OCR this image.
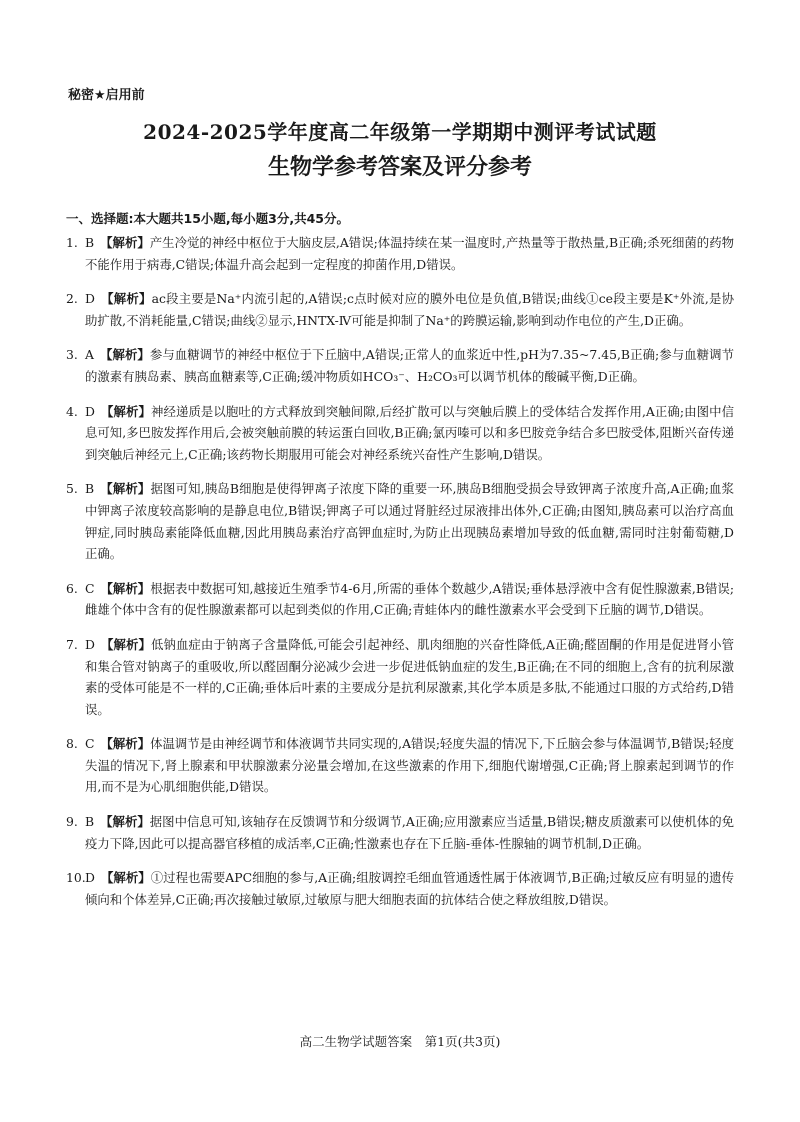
秘密★启用前
2024-2025学年度高二年级第一学期期中测评考试试题
生物学参考答案及评分参考
一、选择题:本大题共15小题,每小题3分,共45分。
1. B 【解析】产生冷觉的神经中枢位于大脑皮层,A错误;体温持续在某一温度时,产热量等于散热量,B正确;杀死细菌的药物不能作用于病毒,C错误;体温升高会起到一定程度的抑菌作用,D错误。
2. D 【解析】ac段主要是Na⁺内流引起的,A错误;c点时候对应的膜外电位是负值,B错误;曲线①ce段主要是K⁺外流,是协助扩散,不消耗能量,C错误;曲线②显示,HNTX-Ⅳ可能是抑制了Na⁺的跨膜运输,影响到动作电位的产生,D正确。
3. A 【解析】参与血糖调节的神经中枢位于下丘脑中,A错误;正常人的血浆近中性,pH为7.35~7.45,B正确;参与血糖调节的激素有胰岛素、胰高血糖素等,C正确;缓冲物质如HCO₃⁻、H₂CO₃可以调节机体的酸碱平衡,D正确。
4. D 【解析】神经递质是以胞吐的方式释放到突触间隙,后经扩散可以与突触后膜上的受体结合发挥作用,A正确;由图中信息可知,多巴胺发挥作用后,会被突触前膜的转运蛋白回收,B正确;氯丙嗪可以和多巴胺竞争结合多巴胺受体,阻断兴奋传递到突触后神经元上,C正确;该药物长期服用可能会对神经系统兴奋性产生影响,D错误。
5. B 【解析】据图可知,胰岛B细胞是使得钾离子浓度下降的重要一环,胰岛B细胞受损会导致钾离子浓度升高,A正确;血浆中钾离子浓度较高影响的是静息电位,B错误;钾离子可以通过肾脏经过尿液排出体外,C正确;由图知,胰岛素可以治疗高血钾症,同时胰岛素能降低血糖,因此用胰岛素治疗高钾血症时,为防止出现胰岛素增加导致的低血糖,需同时注射葡萄糖,D正确。
6. C 【解析】根据表中数据可知,越接近生殖季节4-6月,所需的垂体个数越少,A错误;垂体悬浮液中含有促性腺激素,B错误;雌雄个体中含有的促性腺激素都可以起到类似的作用,C正确;青蛙体内的雌性激素水平会受到下丘脑的调节,D错误。
7. D 【解析】低钠血症由于钠离子含量降低,可能会引起神经、肌肉细胞的兴奋性降低,A正确;醛固酮的作用是促进肾小管和集合管对钠离子的重吸收,所以醛固酮分泌减少会进一步促进低钠血症的发生,B正确;在不同的细胞上,含有的抗利尿激素的受体可能是不一样的,C正确;垂体后叶素的主要成分是抗利尿激素,其化学本质是多肽,不能通过口服的方式给药,D错误。
8. C 【解析】体温调节是由神经调节和体液调节共同实现的,A错误;轻度失温的情况下,下丘脑会参与体温调节,B错误;轻度失温的情况下,肾上腺素和甲状腺激素分泌量会增加,在这些激素的作用下,细胞代谢增强,C正确;肾上腺素起到调节的作用,而不是为心肌细胞供能,D错误。
9. B 【解析】据图中信息可知,该轴存在反馈调节和分级调节,A正确;应用激素应当适量,B错误;糖皮质激素可以使机体的免疫力下降,因此可以提高器官移植的成活率,C正确;性激素也存在下丘脑-垂体-性腺轴的调节机制,D正确。
10. D 【解析】①过程也需要APC细胞的参与,A正确;组胺调控毛细血管通透性属于体液调节,B正确;过敏反应有明显的遗传倾向和个体差异,C正确;再次接触过敏原,过敏原与肥大细胞表面的抗体结合使之释放组胺,D错误。
高二生物学试题答案　第1页(共3页)
